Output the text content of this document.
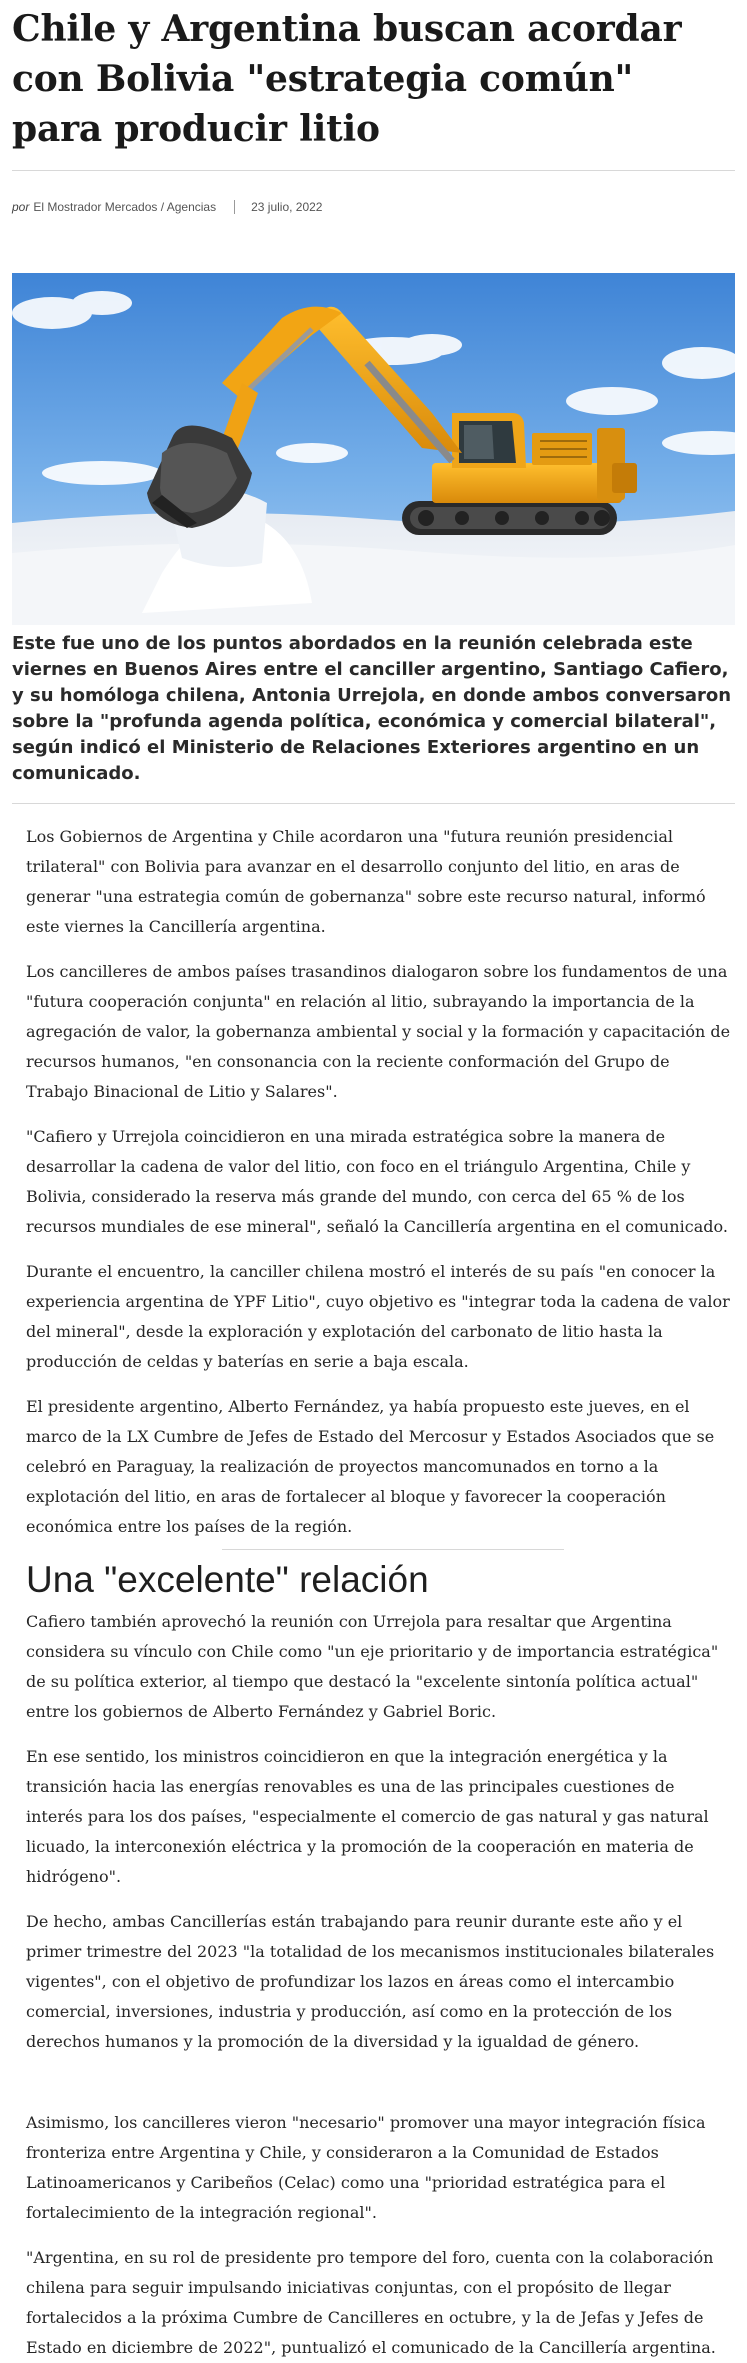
Chile y Argentina buscan acordar con Bolivia "estrategia común" para producir litio
por El Mostrador Mercados / Agencias	23 julio, 2022
Este fue uno de los puntos abordados en la reunión celebrada este viernes en Buenos Aires entre el canciller argentino, Santiago Cafiero, y su homóloga chilena, Antonia Urrejola, en donde ambos conversaron sobre la "profunda agenda política, económica y comercial bilateral", según indicó el Ministerio de Relaciones Exteriores argentino en un comunicado.

Los Gobiernos de Argentina y Chile acordaron una "futura reunión presidencial trilateral" con Bolivia para avanzar en el desarrollo conjunto del litio, en aras de generar "una estrategia común de gobernanza" sobre este recurso natural, informó este viernes la Cancillería argentina.

Los cancilleres de ambos países trasandinos dialogaron sobre los fundamentos de una "futura cooperación conjunta" en relación al litio, subrayando la importancia de la agregación de valor, la gobernanza ambiental y social y la formación y capacitación de recursos humanos, "en consonancia con la reciente conformación del Grupo de Trabajo Binacional de Litio y Salares".

"Cafiero y Urrejola coincidieron en una mirada estratégica sobre la manera de desarrollar la cadena de valor del litio, con foco en el triángulo Argentina, Chile y Bolivia, considerado la reserva más grande del mundo, con cerca del 65 % de los recursos mundiales de ese mineral", señaló la Cancillería argentina en el comunicado.

Durante el encuentro, la canciller chilena mostró el interés de su país "en conocer la experiencia argentina de YPF Litio", cuyo objetivo es "integrar toda la cadena de valor del mineral", desde la exploración y explotación del carbonato de litio hasta la producción de celdas y baterías en serie a baja escala.

El presidente argentino, Alberto Fernández, ya había propuesto este jueves, en el marco de la LX Cumbre de Jefes de Estado del Mercosur y Estados Asociados que se celebró en Paraguay, la realización de proyectos mancomunados en torno a la explotación del litio, en aras de fortalecer al bloque y favorecer la cooperación económica entre los países de la región.

Una "excelente" relación

Cafiero también aprovechó la reunión con Urrejola para resaltar que Argentina considera su vínculo con Chile como "un eje prioritario y de importancia estratégica" de su política exterior, al tiempo que destacó la "excelente sintonía política actual" entre los gobiernos de Alberto Fernández y Gabriel Boric.

En ese sentido, los ministros coincidieron en que la integración energética y la transición hacia las energías renovables es una de las principales cuestiones de interés para los dos países, "especialmente el comercio de gas natural y gas natural licuado, la interconexión eléctrica y la promoción de la cooperación en materia de hidrógeno".

De hecho, ambas Cancillerías están trabajando para reunir durante este año y el primer trimestre del 2023 "la totalidad de los mecanismos institucionales bilaterales vigentes", con el objetivo de profundizar los lazos en áreas como el intercambio comercial, inversiones, industria y producción, así como en la protección de los derechos humanos y la promoción de la diversidad y la igualdad de género.

Asimismo, los cancilleres vieron "necesario" promover una mayor integración física fronteriza entre Argentina y Chile, y consideraron a la Comunidad de Estados Latinoamericanos y Caribeños (Celac) como una "prioridad estratégica para el fortalecimiento de la integración regional".

"Argentina, en su rol de presidente pro tempore del foro, cuenta con la colaboración chilena para seguir impulsando iniciativas conjuntas, con el propósito de llegar fortalecidos a la próxima Cumbre de Cancilleres en octubre, y la de Jefas y Jefes de Estado en diciembre de 2022", puntualizó el comunicado de la Cancillería argentina.
